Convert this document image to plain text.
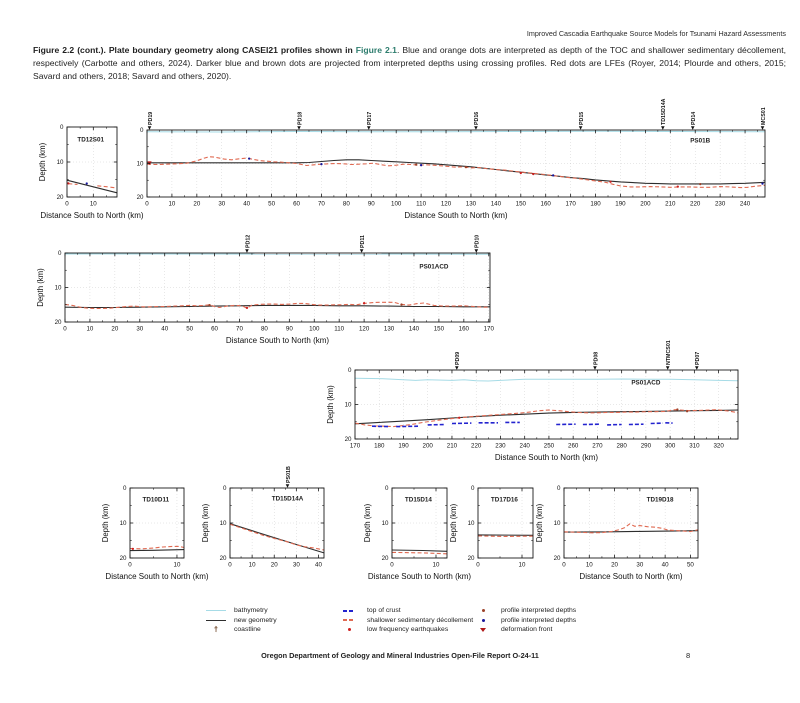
Improved Cascadia Earthquake Source Models for Tsunami Hazard Assessments
Figure 2.2 (cont.). Plate boundary geometry along CASEI21 profiles shown in Figure 2.1. Blue and orange dots are interpreted as depth of the TOC and shallower sedimentary décollement, respectively (Carbotte and others, 2024). Darker blue and brown dots are projected from interpreted depths using crossing profiles. Red dots are LFEs (Royer, 2014; Plourde and others, 2015; Savard and others, 2018; Savard and others, 2020).
0	10
0
10
20
TD12S01
Depth (km)
Distance South to North (km)
0	10	20	30	40	50	60	70	80	90	100 110 120 130 140 150 160 170 180 190 200 210 220 230 240
0
10
20
PD19	PD18	PD17	PD16	PD15	TD15D14A	PD14	MCS01
PS01B
Distance South to North (km)
0	10	20	30	40	50	60	70	80	90	100 110 120 130 140 150 160 170
0
10
20
PD12	PD11	PD10
PS01ACD
Depth (km)
Distance South to North (km)
170 180 190 200 210 220 230 240 250 260 270 280 290 300 310 320
0
10
20
PD09	PD08	NTMCS01	PD07
PS01ACD
Depth (km)
Distance South to North (km)
0	10
0
10
20
TD10D11
Depth (km)
Distance South to North (km)
0	10 20 30 40
0
10
20
PS01B
TD15D14A
Depth (km)
0	10
0
10
20
TD15D14
Depth (km)
Distance South to North (km)
0	10
0
10
20
TD17D16
Depth (km)
0	10	20	30	40	50
0
10
20
TD19D18
Depth (km)
Distance South to North (km)
bathymetry
new geometry
ϯ coastline
top of crust
shallower sedimentary décollement
low frequency earthquakes
profile interpreted depths
profile interpreted depths
deformation front
Oregon Department of Geology and Mineral Industries Open-File Report O-24-11	8
